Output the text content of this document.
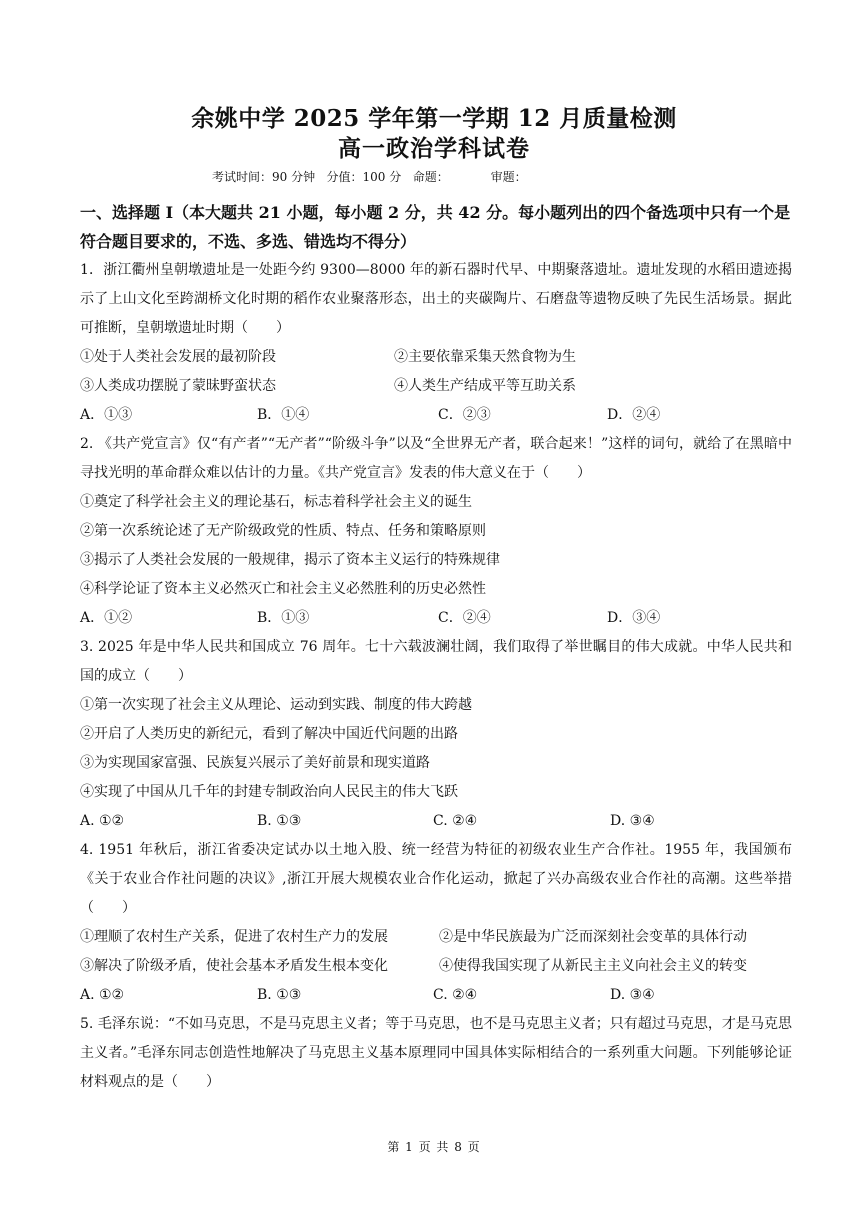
余姚中学 2025 学年第一学期 12 月质量检测
高一政治学科试卷
考试时间：90 分钟   分值：100 分   命题：           审题：
一、选择题 I（本大题共 21 小题，每小题 2 分，共 42 分。每小题列出的四个备选项中只有一个是符合题目要求的，不选、多选、错选均不得分）
1．浙江衢州皇朝墩遗址是一处距今约 9300—8000 年的新石器时代早、中期聚落遗址。遗址发现的水稻田遗迹揭示了上山文化至跨湖桥文化时期的稻作农业聚落形态，出土的夹碳陶片、石磨盘等遗物反映了先民生活场景。据此可推断，皇朝墩遗址时期（　　）
①处于人类社会发展的最初阶段	②主要依靠采集天然食物为生
③人类成功摆脱了蒙昧野蛮状态	④人类生产结成平等互助关系
A．①③	B．①④	C．②③	D．②④
2. 《共产党宣言》仅“有产者”“无产者”“阶级斗争”以及“全世界无产者，联合起来！”这样的词句，就给了在黑暗中寻找光明的革命群众难以估计的力量。《共产党宣言》发表的伟大意义在于（　　）
①奠定了科学社会主义的理论基石，标志着科学社会主义的诞生
②第一次系统论述了无产阶级政党的性质、特点、任务和策略原则
③揭示了人类社会发展的一般规律，揭示了资本主义运行的特殊规律
④科学论证了资本主义必然灭亡和社会主义必然胜利的历史必然性
A．①②	B．①③	C．②④	D．③④
3. 2025 年是中华人民共和国成立 76 周年。七十六载波澜壮阔，我们取得了举世瞩目的伟大成就。中华人民共和国的成立（　　）
①第一次实现了社会主义从理论、运动到实践、制度的伟大跨越
②开启了人类历史的新纪元，看到了解决中国近代问题的出路
③为实现国家富强、民族复兴展示了美好前景和现实道路
④实现了中国从几千年的封建专制政治向人民民主的伟大飞跃
A. ①②	B. ①③	C. ②④	D. ③④
4. 1951 年秋后，浙江省委决定试办以土地入股、统一经营为特征的初级农业生产合作社。1955 年，我国颁布《关于农业合作社问题的决议》,浙江开展大规模农业合作化运动，掀起了兴办高级农业合作社的高潮。这些举措（　　）
①理顺了农村生产关系，促进了农村生产力的发展	②是中华民族最为广泛而深刻社会变革的具体行动
③解决了阶级矛盾，使社会基本矛盾发生根本变化	④使得我国实现了从新民主主义向社会主义的转变
A. ①②	B. ①③	C. ②④	D. ③④
5. 毛泽东说：“不如马克思，不是马克思主义者；等于马克思，也不是马克思主义者；只有超过马克思，才是马克思主义者。”毛泽东同志创造性地解决了马克思主义基本原理同中国具体实际相结合的一系列重大问题。下列能够论证材料观点的是（　　）
第 1 页 共 8 页
